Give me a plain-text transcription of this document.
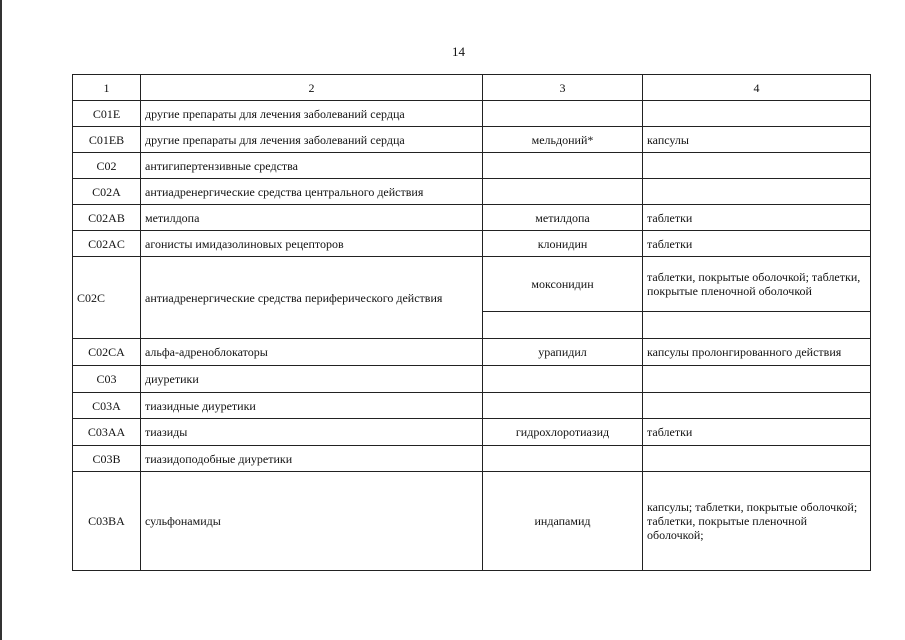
14
1	2	3	4
C01E	другие препараты для лечения заболеваний сердца		
C01EB	другие препараты для лечения заболеваний сердца	мельдоний*	капсулы
C02	антигипертензивные средства		
C02A	антиадренергические средства центрального действия		
C02AB	метилдопа	метилдопа	таблетки
C02AC	агонисты имидазолиновых рецепторов	клонидин	таблетки
C02C	антиадренергические средства периферического действия	моксонидин	таблетки, покрытые оболочкой; таблетки, покрытые пленочной оболочкой

C02CA	альфа-адреноблокаторы	урапидил	капсулы пролонгированного действия
C03	диуретики		
C03A	тиазидные диуретики		
C03AA	тиазиды	гидрохлоротиазид	таблетки
C03B	тиазидоподобные диуретики		
C03BA	сульфонамиды	индапамид	капсулы; таблетки, покрытые оболочкой; таблетки, покрытые пленочной оболочкой;
